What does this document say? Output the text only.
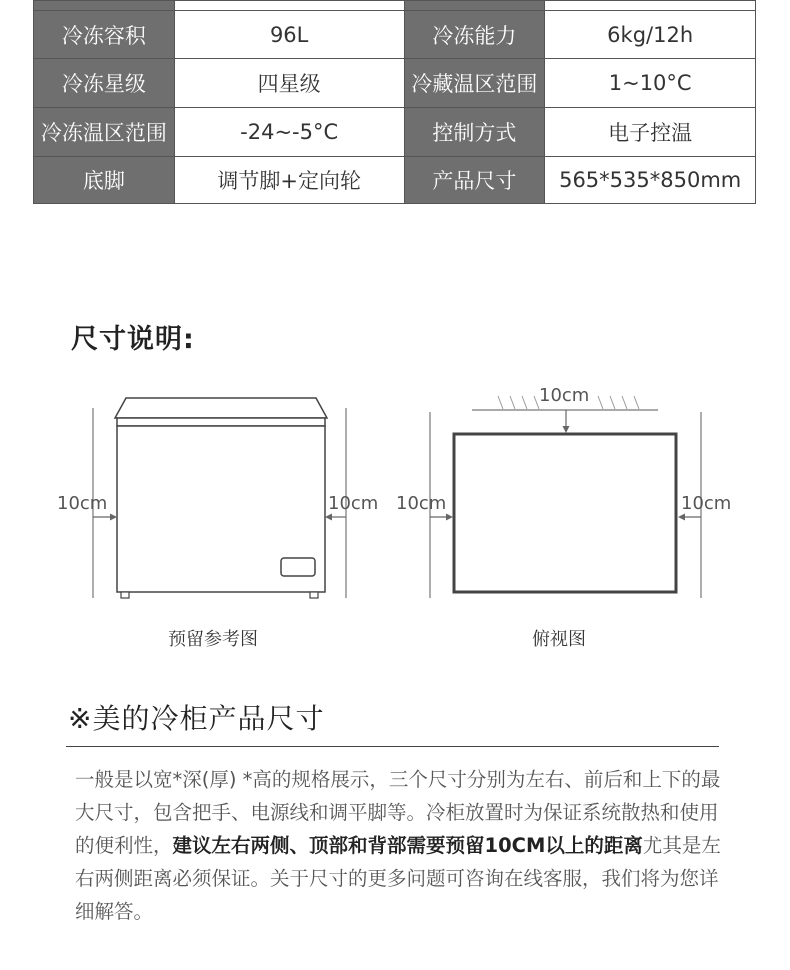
冷冻容积	96L	冷冻能力	6kg/12h
冷冻星级	四星级	冷藏温区范围	1~10°C
冷冻温区范围	-24~-5°C	控制方式	电子控温
底脚	调节脚+定向轮	产品尺寸	565*535*850mm
尺寸说明:
10cm	10cm
10cm
10cm	10cm
预留参考图	俯视图
※美的冷柜产品尺寸
一般是以宽*深(厚) *高的规格展示，三个尺寸分别为左右、前后和上下的最大尺寸，包含把手、电源线和调平脚等。冷柜放置时为保证系统散热和使用的便利性，建议左右两侧、顶部和背部需要预留10CM以上的距离尤其是左右两侧距离必须保证。关于尺寸的更多问题可咨询在线客服，我们将为您详细解答。
